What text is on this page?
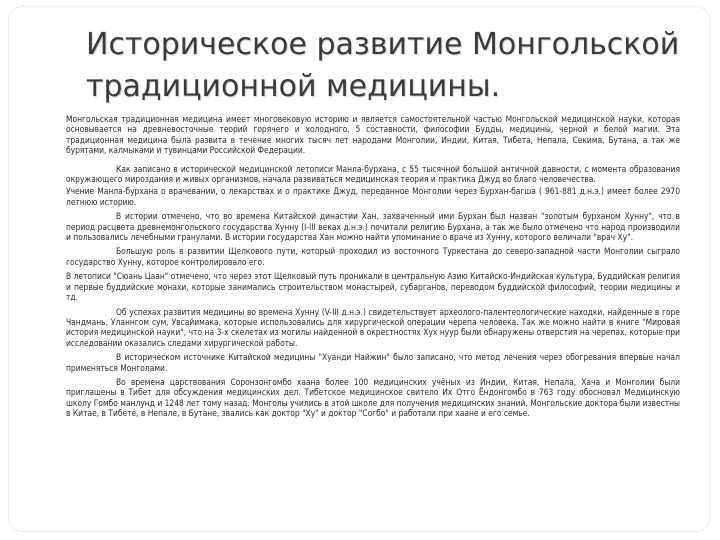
Историческое развитие Монгольской
традиционной медицины.
Монгольская традиционная медицина имеет многовековую историю и является самостоятельной частью Монгольской медицинской науки, которая основывается на древневосточные теорий горячего и холодного, 5 составности, философии Будды, медицины, черной и белой магии. Эта традиционная медицина была развита в течение многих тысяч лет народами Монголии, Индии, Китая, Тибета, Непала, Секима, Бутана, а так же бурятами, калмыками и тувинцами Российской Федерации.
Как записано в исторической медицинской летописи Манла-бурхана, с 55 тысячной большой античной давности, с момента образования окружающего мироздания и живых организмов, начала развиваться медицинская теория и практика Джуд во благо человечества.
Учение Манла-бурхана о врачевании, о лекарствах и о практике Джуд, переданное Монголии через Бурхан-багша ( 961-881 д.н.э.) имеет более 2970 летнюю историю.
В истории отмечено, что во времена Китайской династии Хан, захваченный ими Бурхан был назван "золотым бурханом Хунну", что в период расцвета древнемонгольского государства Хунну (I-III веках д.н.э.) почитали религию Бурхана, а так же было отмечено что народ производили и пользовались лечебными гранулами. В истории государства Хан можно найти упоминание о враче из Хунну, которого величали "врач Ху".
Большую роль в развитии Щелкового пути, который проходил из восточного Туркестана до северо-западной части Монголии сыграло государство Хунну, которое контролировало его.
В летописи "Сюань Цаан" отмечено, что через этот Щелковый путь проникали в центральную Азию Китайско-Индийская культура, Буддийская религия и первые буддийские монахи, которые занимались строительством монастырей, субарганов, переводом буддийской философий, теории медицины и тд.
Об успехах развития медицины во времена Хунну (V-III д.н.э.) свидетельствует археолого-палентеологические находки, найденные в горе Чандмань, Уланнгом сум, Увсайимака, которые использовались для хирургической операции черепа человека. Так же можно найти в книге "Мировая история медицинской науки", что на 3-х скелетах из могилы найденной в окрестностях Хух нуур были обнаружены отверстия на черепах, которые при исследовании оказались следами хирургической работы.
В историческом источнике Китайской медицины "Хуанди Найжин" было записано, что метод лечения через обогревания впервые начал применяться Монголами.
Во времена царствования Соронзонгомбо хаана более 100 медицинских учёных из Индии, Китая, Непала, Хача и Монголии были приглашены в Тибет для обсуждения медицинских дел. Тибетское медицинское свитело Их Отго Ёндонгомбо в 763 году обосновал Медицинскую школу Гомбо манлунд и 1248 лет тому назад. Монголы учились в этой школе для получения медицинских знаний. Монгольские доктора были известны в Китае, в Тибете, в Непале, в Бутане, звались как доктор "Ху" и доктор "Согбо" и работали при хаане и его семье.
